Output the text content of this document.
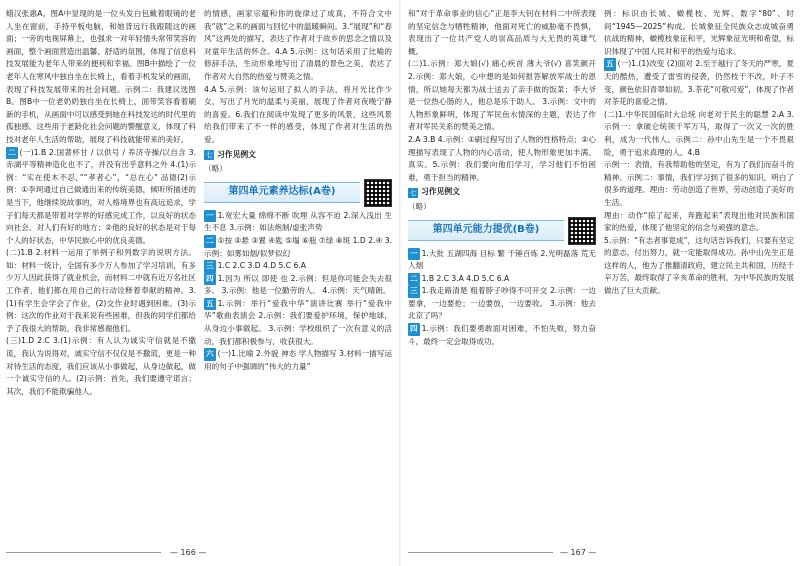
蜡汉张惠A。图A中显现的是一位头发白包戴着眼镜的老人坐在窗前，手持平板电脑，和她背远行我跟随这的画面；一旁的电视屏幕上，也强求一对年轻情头常带笑容的画面，整个画面营造出温馨、舒适的氛围，体现了信息科技发展能为老年人带来的便利和幸福。图B中描绘了一位老年人在寒风中独自坐在长椅上，看着手机发呆的画面，表现了科技发展带来的社会问题。示例二：我建议选图B。图B中一位老奶奶独自坐在长椅上，面带笑容看着刷新的手机，从画面中可以感受到她在科技发达的时代里的孤独感。这些用于老龄化社会问题的警醒意义，体现了科技对老年人生活的帮助，展现了科技就能带来的美好。

二 (一)1.B 2.国著杯甘 / 以供号 / 养济寺操/以自含 3.赤湖平等精神造化也不了，并没有出乎意料之外 4.(1)示例：“实在使木不忍，”“孝者心”，“总在心” 品德(2)示例：①李珂通过自己做通出来的传统美德，倾听所描述的是当下，他继续说故事的，对人格境界也有高远追求，学子们每天都是带着对学界的好感完成工作，以良好的状态向社会、对人们有好的地方；②他的良好的状态是对于每个人的好状态，中华民族心中的优良美德。

(二)1.B 2.材料一运用了举例子和列数字的说明方法。如：材料一统计，全国有多少万人参加了学习培训，有多少万人因此获得了就业机会，而材料二中就有近万名社区工作者，他们都在用自己的行动诠释着奉献的精神。3.(1)有学生会学会了作业，(2)交作业时遇到困难。(3)示例：这次的作业对于我来说有些困难，但我的同学们都给予了我很大的帮助，我非常感谢他们。

(三)1.D 2.C 3.(1)示例：有人认为诚实守信就是不撒谎，我认为说得对，诚实守信不仅仅是不撒谎，更是一种对待生活的态度，我们应该从小事做起，从身边做起，做一个诚实守信的人。(2)示例：首先，我们要遵守诺言；其次，我们不能欺骗他人。

的情感，画家宗蕴和你的旋律过了成真，不符合文中我“就”之来的画面与回忆中的温暖瞬间。3.“展现”和“春风”这两处的描写，表达了作者对于故乡的思念之情以及对童年生活的怀念。4.A 5.示例：这句话采用了比喻的修辞手法，生动形象地写出了清晨的景色之美，表达了作者对大自然的热爱与赞美之情。

4.A 5.示例：该句运用了拟人的手法，将月光比作少女，写出了月光的温柔与美丽，展现了作者对夜晚宁静的喜爱。6.我们在阅读中发现了更多的风景，这些风景给我们带来了不一样的感受，体现了作者对生活的热爱。

七 习作见例文

（略）

第四单元素养达标(A卷)

一 1.宽宏大量 绵绵不断 吹埋 从容不迫 2.深入浅出 生生不息 3.示例：如法炮制/虚张声势

二 ①按 ②悬 ③置 ④匙 ⑤塌 ⑥瓶 ⑦绿 ⑧斑 1.D 2.④ 3.示例：如雾如烟/似梦似幻

三 1.C 2.C 3.D 4.D 5.C 6.A

四 1.因为 所以 即使 也 2.示例：但是你可能会失去很多。 3.示例：他是一位勤劳的人。 4.示例：天气晴朗。

五 1.示例：举行“爱我中华”演讲比赛 举行“爱我中华”歌曲表演会 2.示例：我们要爱护环境，保护地球，从身边小事做起。 3.示例：学校组织了一次有意义的活动，我们都积极参与，收获很大。

六 (一)1.比喻 2.外貌 神态 学人物描写 3.材料一描写运用的句子中强调的“伟大的力量”

和“对于革命事业的信心”正是李大钊在材料二中所表现的坚定信念与牺牲精神，他面对死亡的威胁毫不畏惧，表现出了一位共产党人的崇高品质与大无畏的英雄气概。

(二)1.示例：郑大娘(√) 痛心疾首 薄大爷(√) 喜笑颜开 2.示例：郑大娘，心中想的是如何报答解放军战士的恩情，所以她每天都为战士送去了亲手做的饭菜；李大爷是一位热心肠的人，他总是乐于助人。 3.示例：文中的人物形象鲜明，体现了军民鱼水情深的主题，表达了作者对军民关系的赞美之情。

2.A 3.B 4.示例：①刷过程写出了人物的性格特点；②心理描写表现了人物的内心活动，使人物形象更加丰满、真实。5.示例：我们要向他们学习，学习他们不怕困难，勇于担当的精神。

七 习作见例文

（略）

第四单元能力提优(B卷)

一 1.大批 五湖四海 目标 繁 千锤百炼 2.光明磊落 荒无人烟

二 1.B 2.C 3.A 4.D 5.C 6.A

三 1.我走路清楚 粗着脖子吵得不可开交 2.示例：一边要拿，一边要抢；一边要放，一边要收。 3.示例：他去北京了吗？

四 1.示例：我们要勇敢面对困难，不怕失败，努力奋斗，最终一定会取得成功。

例：标识由长城、橄榄枝、光辉、数字“80”、时间“1945—2025”构成。长城象征全民族众志成城奋勇抗战的精神，橄榄枝象征和平，光辉象征光明和希望，标识体现了中国人民对和平的热爱与追求。

五 (一)1.(1)改变 (2)面对 2.至于越行了冬天的严寒，夏天的酷热，遭受了雷雪的侵袭，仍然枝干不改，叶子不变，颜色依旧青翠如初。3.茶花“可敬可爱”，体现了作者对茶花的喜爱之情。

(二)1.中华民国临时大总统 向老对于民主的聪慧 2.A 3.示例一：拿破仑统领千军万马，取得了一次又一次的胜利，成为一代伟人。示例二：孙中山先生是一个不畏艰险，勇于追求真理的人。4.B

示例一：表情，有我帮助他的坚定，有为了我们而奋斗的精神。示例二：事情，我们学习到了很多的知识，明白了很多的道理。理由：劳动创造了世界，劳动创造了美好的生活。

理由：动作“掠了起来，奔跑起来”表现出他对民族和国家的热爱，体现了他坚定的信念与顽强的意志。

5.示例：“有志者事竟成”，这句话告诉我们，只要有坚定的意志，付出努力，就一定能取得成功。孙中山先生正是这样的人，他为了推翻清政府，建立民主共和国，历经千辛万苦，最终取得了辛亥革命的胜利，为中华民族的发展做出了巨大贡献。

— 166 —	— 167 —
